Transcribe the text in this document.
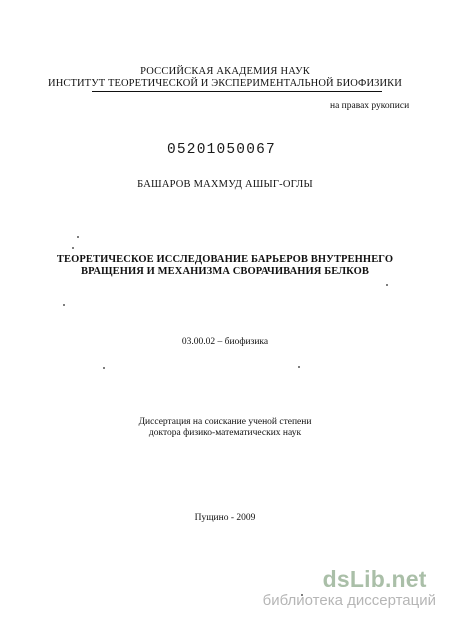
РОССИЙСКАЯ АКАДЕМИЯ НАУК
ИНСТИТУТ ТЕОРЕТИЧЕСКОЙ И ЭКСПЕРИМЕНТАЛЬНОЙ БИОФИЗИКИ
на правах рукописи
05201050067
БАШАРОВ МАХМУД АШЫГ-ОГЛЫ
ТЕОРЕТИЧЕСКОЕ ИССЛЕДОВАНИЕ БАРЬЕРОВ ВНУТРЕННЕГО
ВРАЩЕНИЯ И МЕХАНИЗМА СВОРАЧИВАНИЯ БЕЛКОВ
03.00.02 – биофизика
Диссертация на соискание ученой степени
доктора физико-математических наук
Пущино - 2009
dsLib.net
библиотека диссертаций
